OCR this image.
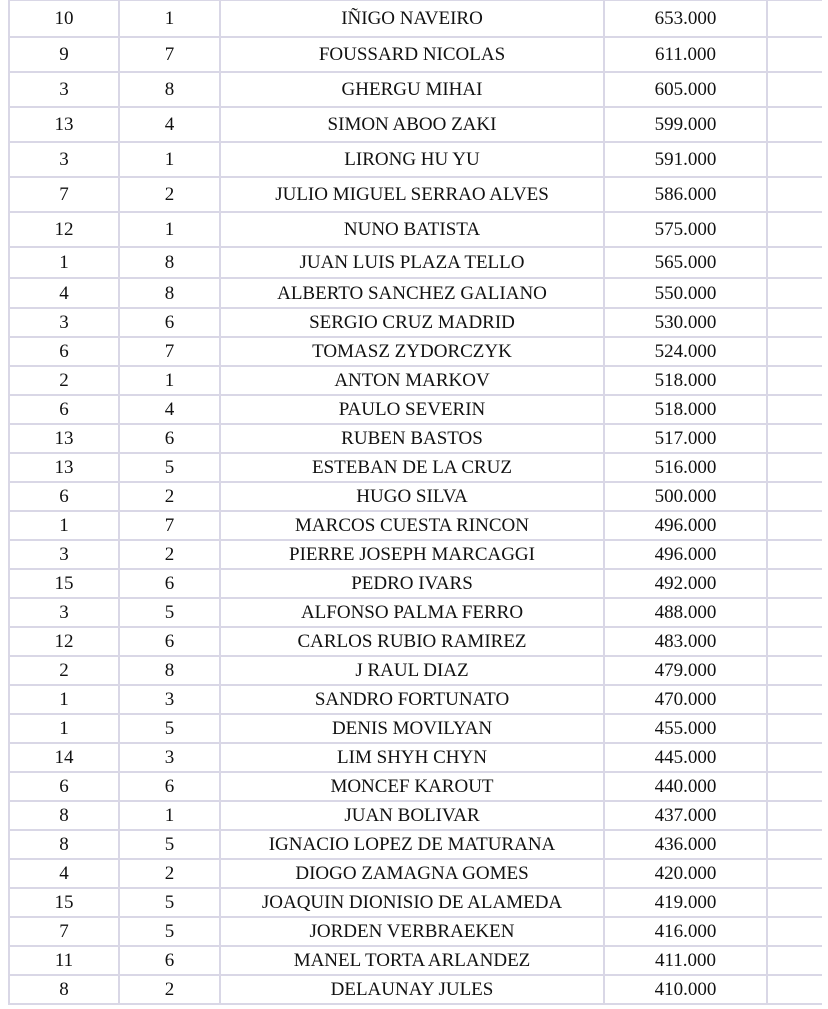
10	1	IÑIGO NAVEIRO	653.000	
9	7	FOUSSARD NICOLAS	611.000	
3	8	GHERGU MIHAI	605.000	
13	4	SIMON ABOO ZAKI	599.000	
3	1	LIRONG HU YU	591.000	
7	2	JULIO MIGUEL SERRAO ALVES	586.000	
12	1	NUNO BATISTA	575.000	
1	8	JUAN LUIS PLAZA TELLO	565.000	
4	8	ALBERTO SANCHEZ GALIANO	550.000	
3	6	SERGIO CRUZ MADRID	530.000	
6	7	TOMASZ ZYDORCZYK	524.000	
2	1	ANTON MARKOV	518.000	
6	4	PAULO SEVERIN	518.000	
13	6	RUBEN BASTOS	517.000	
13	5	ESTEBAN DE LA CRUZ	516.000	
6	2	HUGO SILVA	500.000	
1	7	MARCOS CUESTA RINCON	496.000	
3	2	PIERRE JOSEPH MARCAGGI	496.000	
15	6	PEDRO IVARS	492.000	
3	5	ALFONSO PALMA FERRO	488.000	
12	6	CARLOS RUBIO RAMIREZ	483.000	
2	8	J RAUL DIAZ	479.000	
1	3	SANDRO FORTUNATO	470.000	
1	5	DENIS MOVILYAN	455.000	
14	3	LIM SHYH CHYN	445.000	
6	6	MONCEF KAROUT	440.000	
8	1	JUAN BOLIVAR	437.000	
8	5	IGNACIO LOPEZ DE MATURANA	436.000	
4	2	DIOGO ZAMAGNA GOMES	420.000	
15	5	JOAQUIN DIONISIO DE ALAMEDA	419.000	
7	5	JORDEN VERBRAEKEN	416.000	
11	6	MANEL TORTA ARLANDEZ	411.000	
8	2	DELAUNAY JULES	410.000	
